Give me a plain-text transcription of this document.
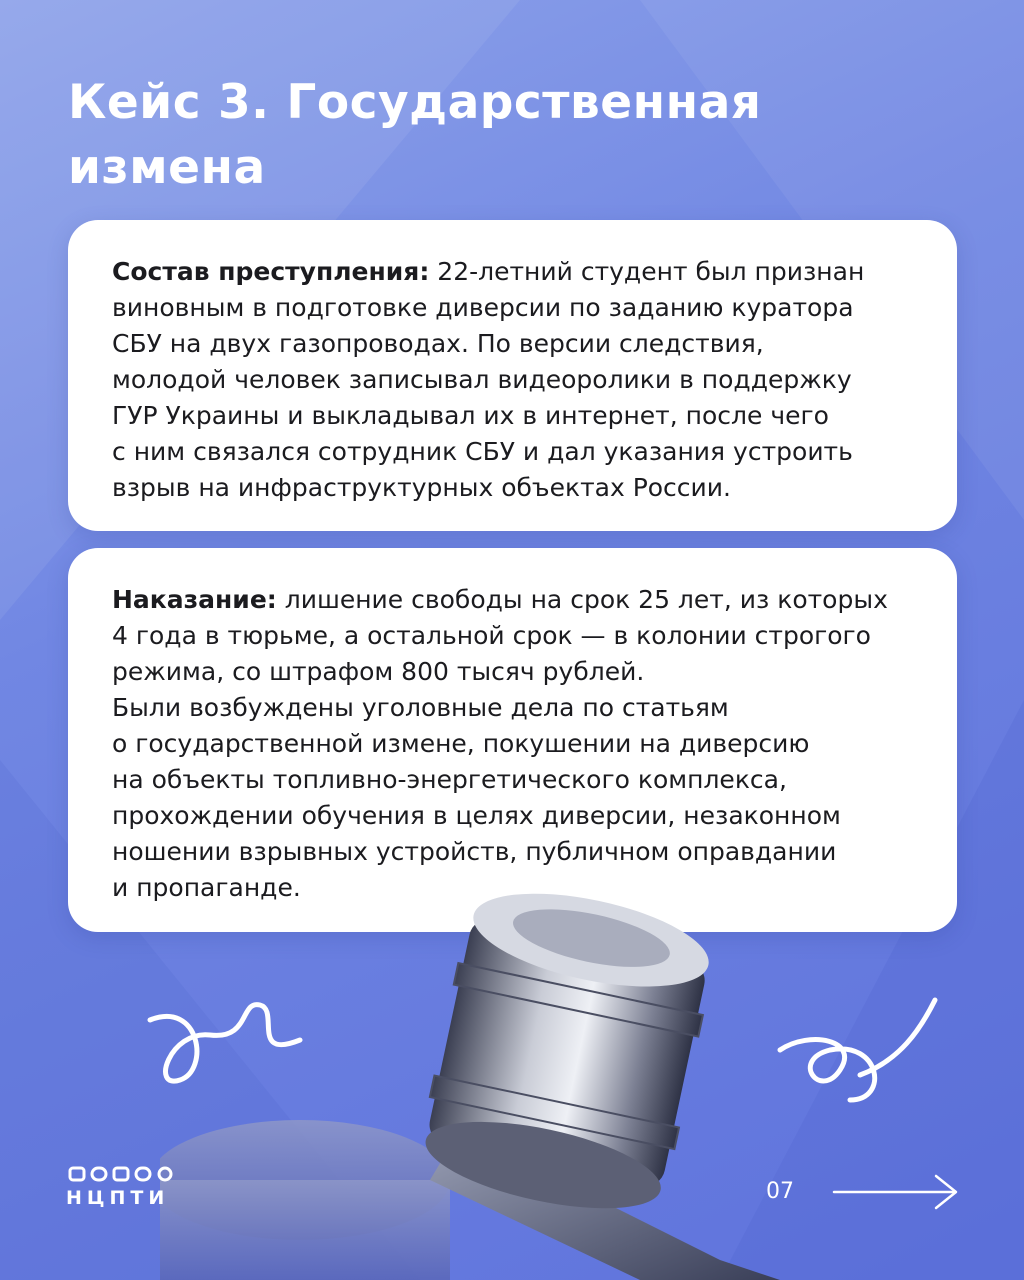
Кейс 3. Государственная
измена

Состав преступления: 22-летний студент был признан
виновным в подготовке диверсии по заданию куратора
СБУ на двух газопроводах. По версии следствия,
молодой человек записывал видеоролики в поддержку
ГУР Украины и выкладывал их в интернет, после чего
с ним связался сотрудник СБУ и дал указания устроить
взрыв на инфраструктурных объектах России.

Наказание: лишение свободы на срок 25 лет, из которых
4 года в тюрьме, а остальной срок — в колонии строгого
режима, со штрафом 800 тысяч рублей.
Были возбуждены уголовные дела по статьям
о государственной измене, покушении на диверсию
на объекты топливно-энергетического комплекса,
прохождении обучения в целях диверсии, незаконном
ношении взрывных устройств, публичном оправдании
и пропаганде.

НЦПТИ	07
